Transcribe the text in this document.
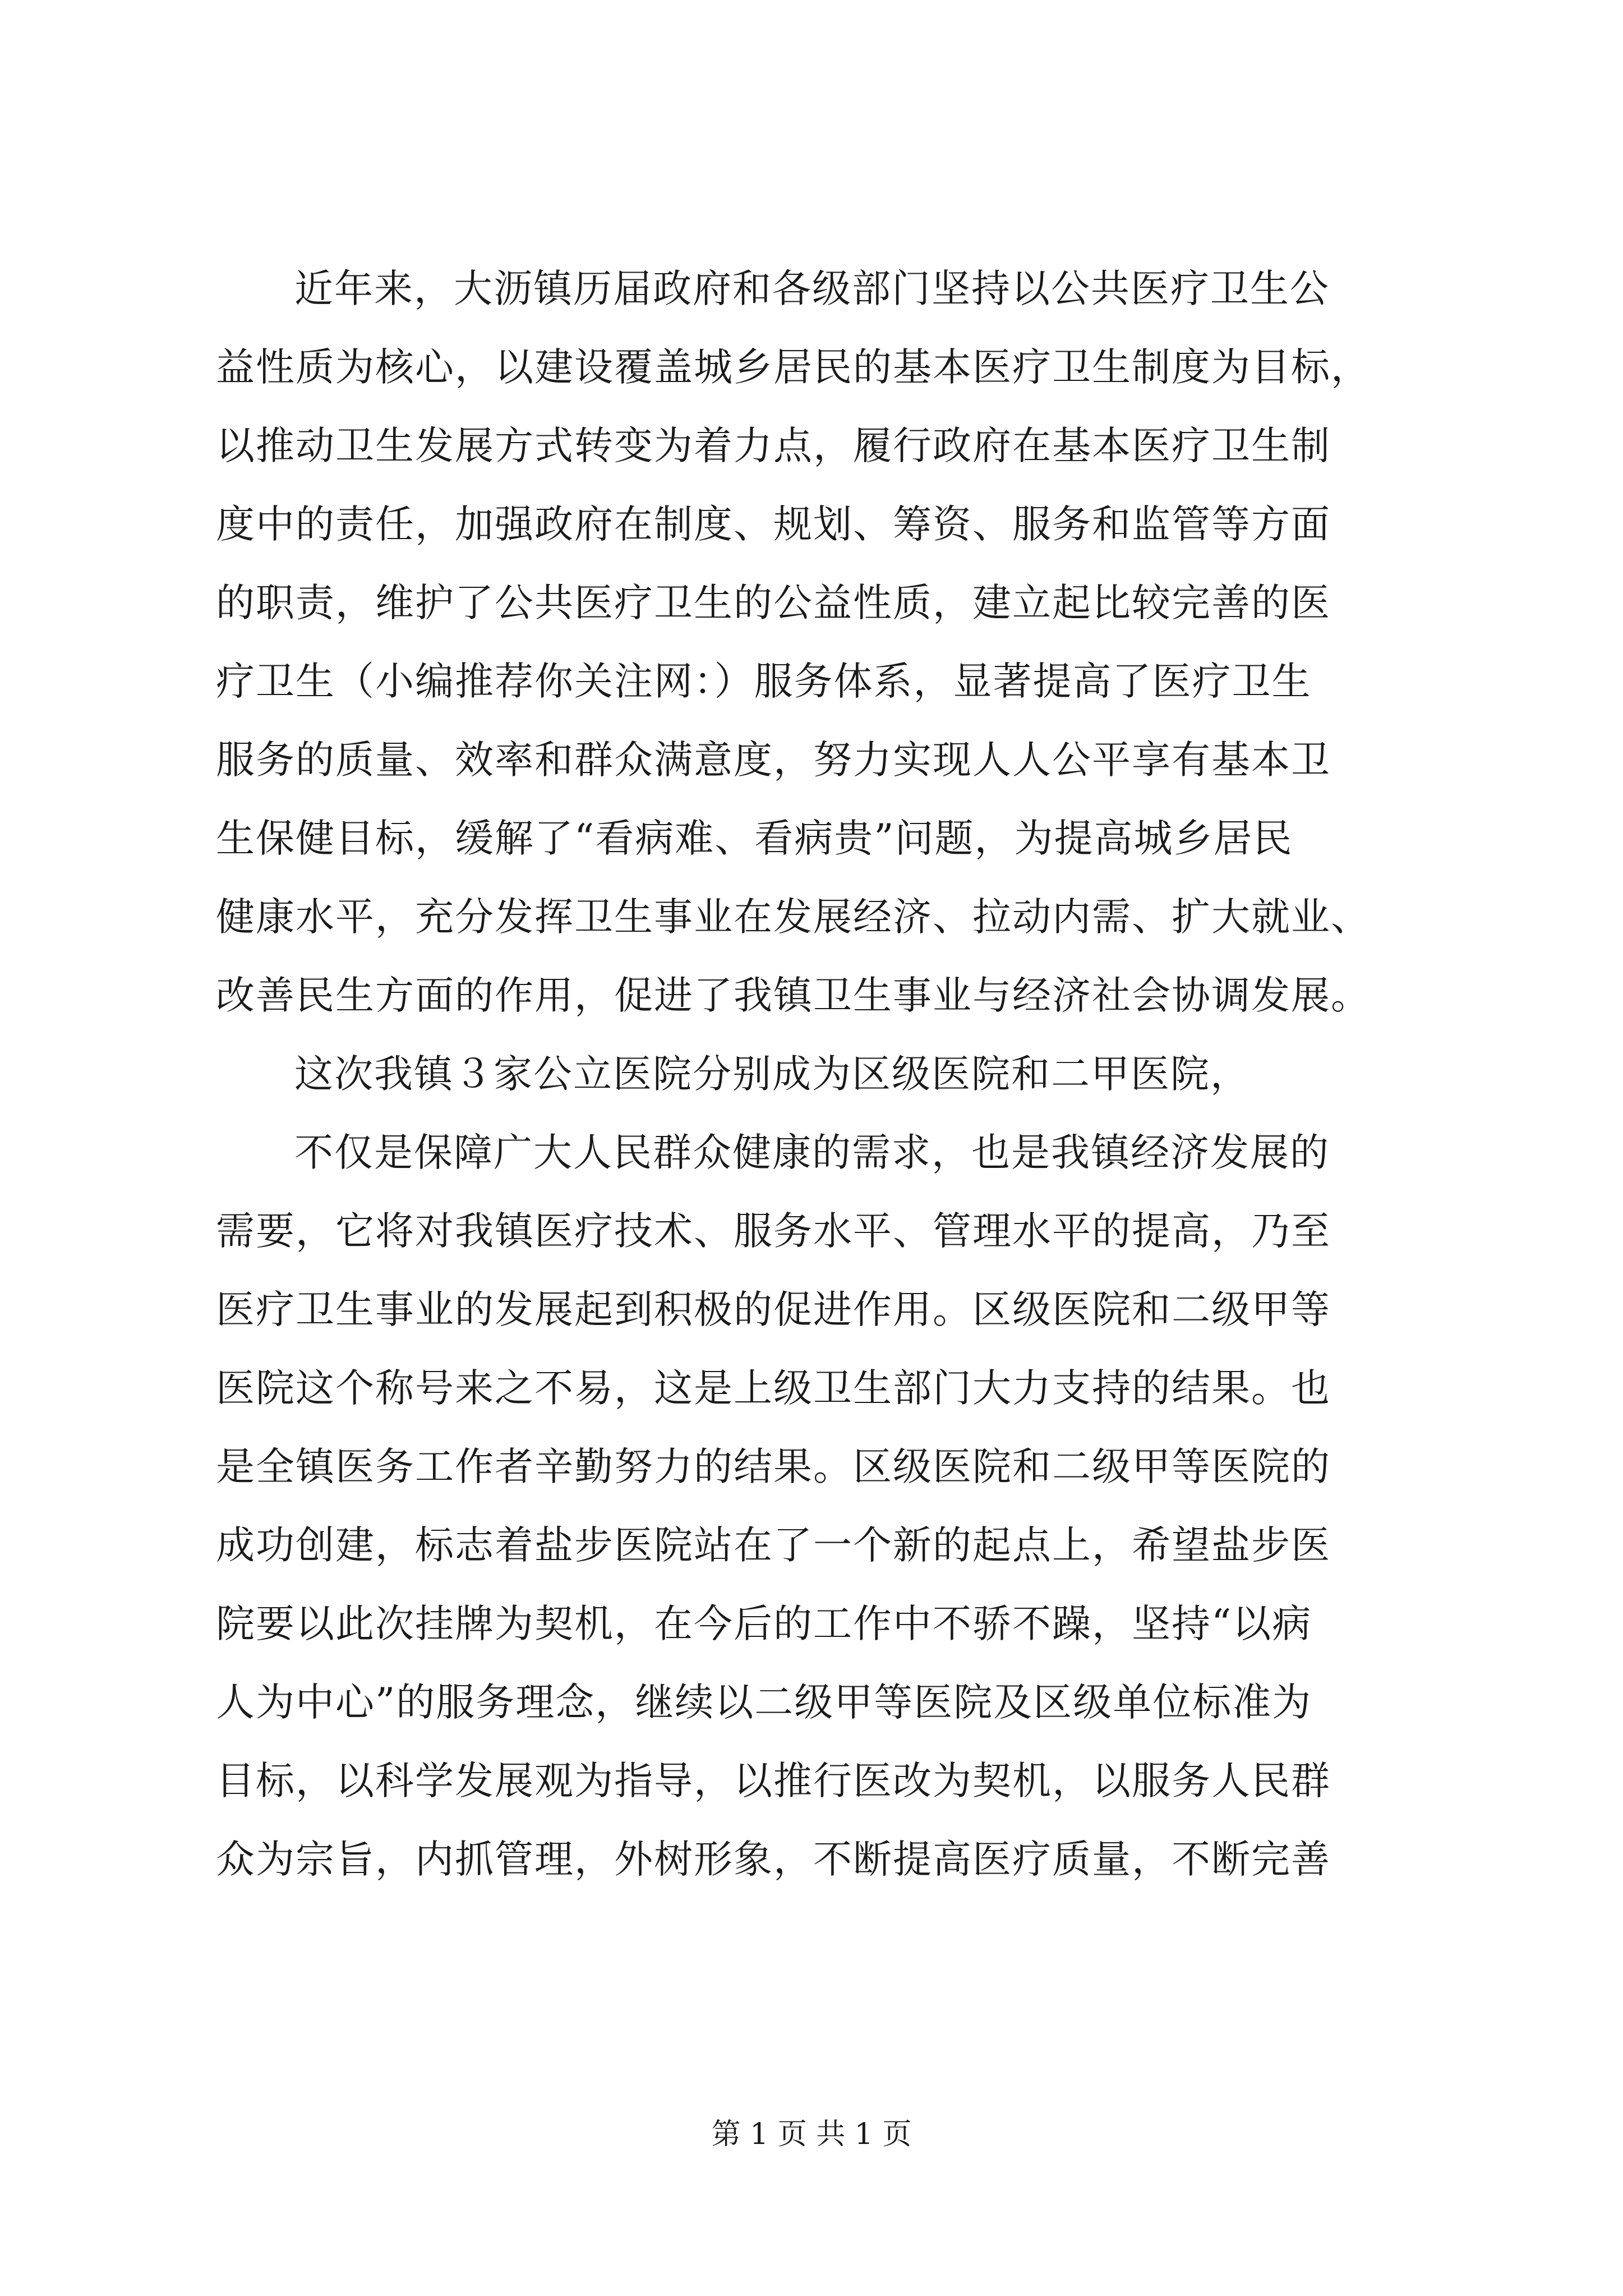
近年来，大沥镇历届政府和各级部门坚持以公共医疗卫生公
益性质为核心，以建设覆盖城乡居民的基本医疗卫生制度为目标，
以推动卫生发展方式转变为着力点，履行政府在基本医疗卫生制
度中的责任，加强政府在制度、规划、筹资、服务和监管等方面
的职责，维护了公共医疗卫生的公益性质，建立起比较完善的医
疗卫生（小编推荐你关注网：）服务体系，显著提高了医疗卫生
服务的质量、效率和群众满意度，努力实现人人公平享有基本卫
生保健目标，缓解了“看病难、看病贵”问题，为提高城乡居民
健康水平，充分发挥卫生事业在发展经济、拉动内需、扩大就业、
改善民生方面的作用，促进了我镇卫生事业与经济社会协调发展。
这次我镇３家公立医院分别成为区级医院和二甲医院，
不仅是保障广大人民群众健康的需求，也是我镇经济发展的
需要，它将对我镇医疗技术、服务水平、管理水平的提高，乃至
医疗卫生事业的发展起到积极的促进作用。区级医院和二级甲等
医院这个称号来之不易，这是上级卫生部门大力支持的结果。也
是全镇医务工作者辛勤努力的结果。区级医院和二级甲等医院的
成功创建，标志着盐步医院站在了一个新的起点上，希望盐步医
院要以此次挂牌为契机，在今后的工作中不骄不躁，坚持“以病
人为中心”的服务理念，继续以二级甲等医院及区级单位标准为
目标，以科学发展观为指导，以推行医改为契机，以服务人民群
众为宗旨，内抓管理，外树形象，不断提高医疗质量，不断完善
第 1 页 共 1 页
